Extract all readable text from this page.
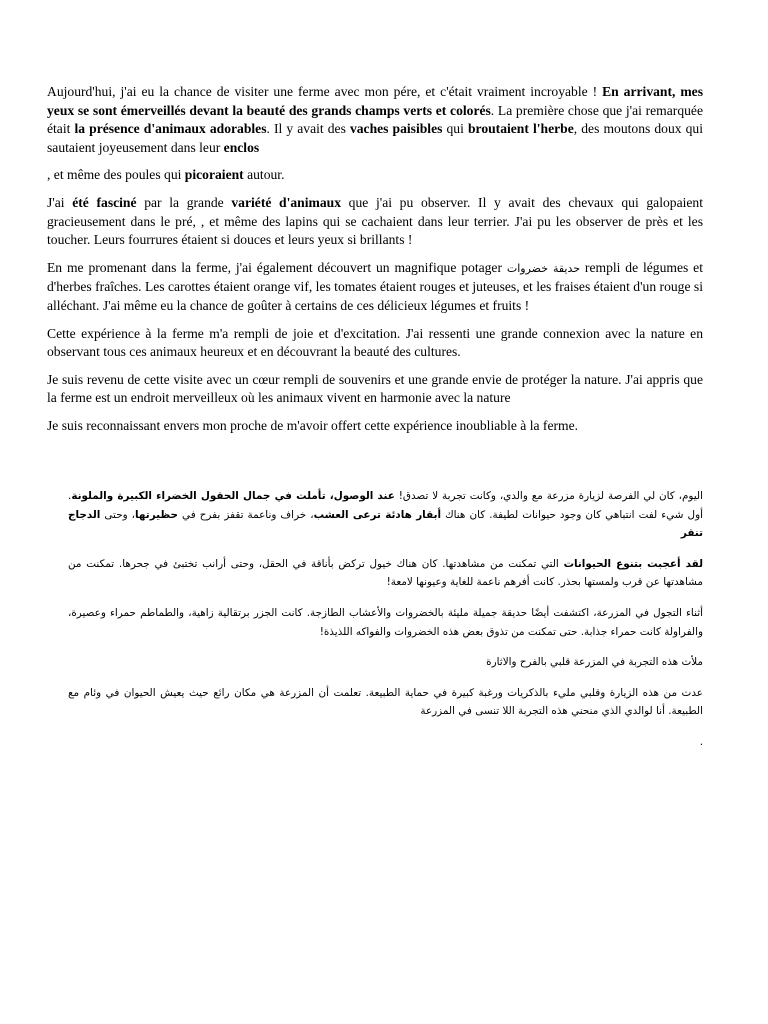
Aujourd'hui, j'ai eu la chance de visiter une ferme avec mon pére, et c'était vraiment incroyable ! En arrivant, mes yeux se sont émerveillés devant la beauté des grands champs verts et colorés. La première chose que j'ai remarquée était la présence d'animaux adorables. Il y avait des vaches paisibles qui broutaient l'herbe, des moutons doux qui sautaient joyeusement dans leur enclos

, et même des poules qui picoraient autour.

J'ai été fasciné par la grande variété d'animaux que j'ai pu observer. Il y avait des chevaux qui galopaient gracieusement dans le pré, , et même des lapins qui se cachaient dans leur terrier. J'ai pu les observer de près et les toucher. Leurs fourrures étaient si douces et leurs yeux si brillants !

En me promenant dans la ferme, j'ai également découvert un magnifique potager حديقة خضروات rempli de légumes et d'herbes fraîches. Les carottes étaient orange vif, les tomates étaient rouges et juteuses, et les fraises étaient d'un rouge si alléchant. J'ai même eu la chance de goûter à certains de ces délicieux légumes et fruits !

Cette expérience à la ferme m'a rempli de joie et d'excitation. J'ai ressenti une grande connexion avec la nature en observant tous ces animaux heureux et en découvrant la beauté des cultures.

Je suis revenu de cette visite avec un cœur rempli de souvenirs et une grande envie de protéger la nature. J'ai appris que la ferme est un endroit merveilleux où les animaux vivent en harmonie avec la nature

Je suis reconnaissant envers mon proche de m'avoir offert cette expérience inoubliable à la ferme.

اليوم، كان لي الفرصة لزيارة مزرعة مع والدي، وكانت تجربة لا تصدق! عند الوصول، تأملت في جمال الحقول الخضراء الكبيرة والملونة. أول شيء لفت انتباهي كان وجود حيوانات لطيفة. كان هناك أبقار هادئة ترعى العشب، خراف وناعمة تقفز بفرح في حظيرتها، وحتى الدجاج تنقر

لقد أعجبت بتنوع الحيوانات التي تمكنت من مشاهدتها. كان هناك خيول تركض بأناقة في الحقل، وحتى أرانب تختبئ في جحرها. تمكنت من مشاهدتها عن قرب ولمستها بحذر. كانت أفرهم ناعمة للغاية وعيونها لامعة!

أثناء التجول في المزرعة، اكتشفت أيضًا حديقة جميلة مليئة بالخضروات والأعشاب الطازجة. كانت الجزر برتقالية زاهية، والطماطم حمراء وعصيرة، والفراولة كانت حمراء جذابة. حتى تمكنت من تذوق بعض هذه الخضروات والفواكه اللذيذة!

ملأت هذه التجربة في المزرعة قلبي بالفرح والاثارة

عدت من هذه الزيارة وقلبي مليء بالذكريات ورغبة كبيرة في حماية الطبيعة. تعلمت أن المزرعة هي مكان رائع حيث يعيش الحيوان في وئام مع الطبيعة. أنا لوالدي الذي منحني هذه التجربة اللا تنسى في المزرعة

.
